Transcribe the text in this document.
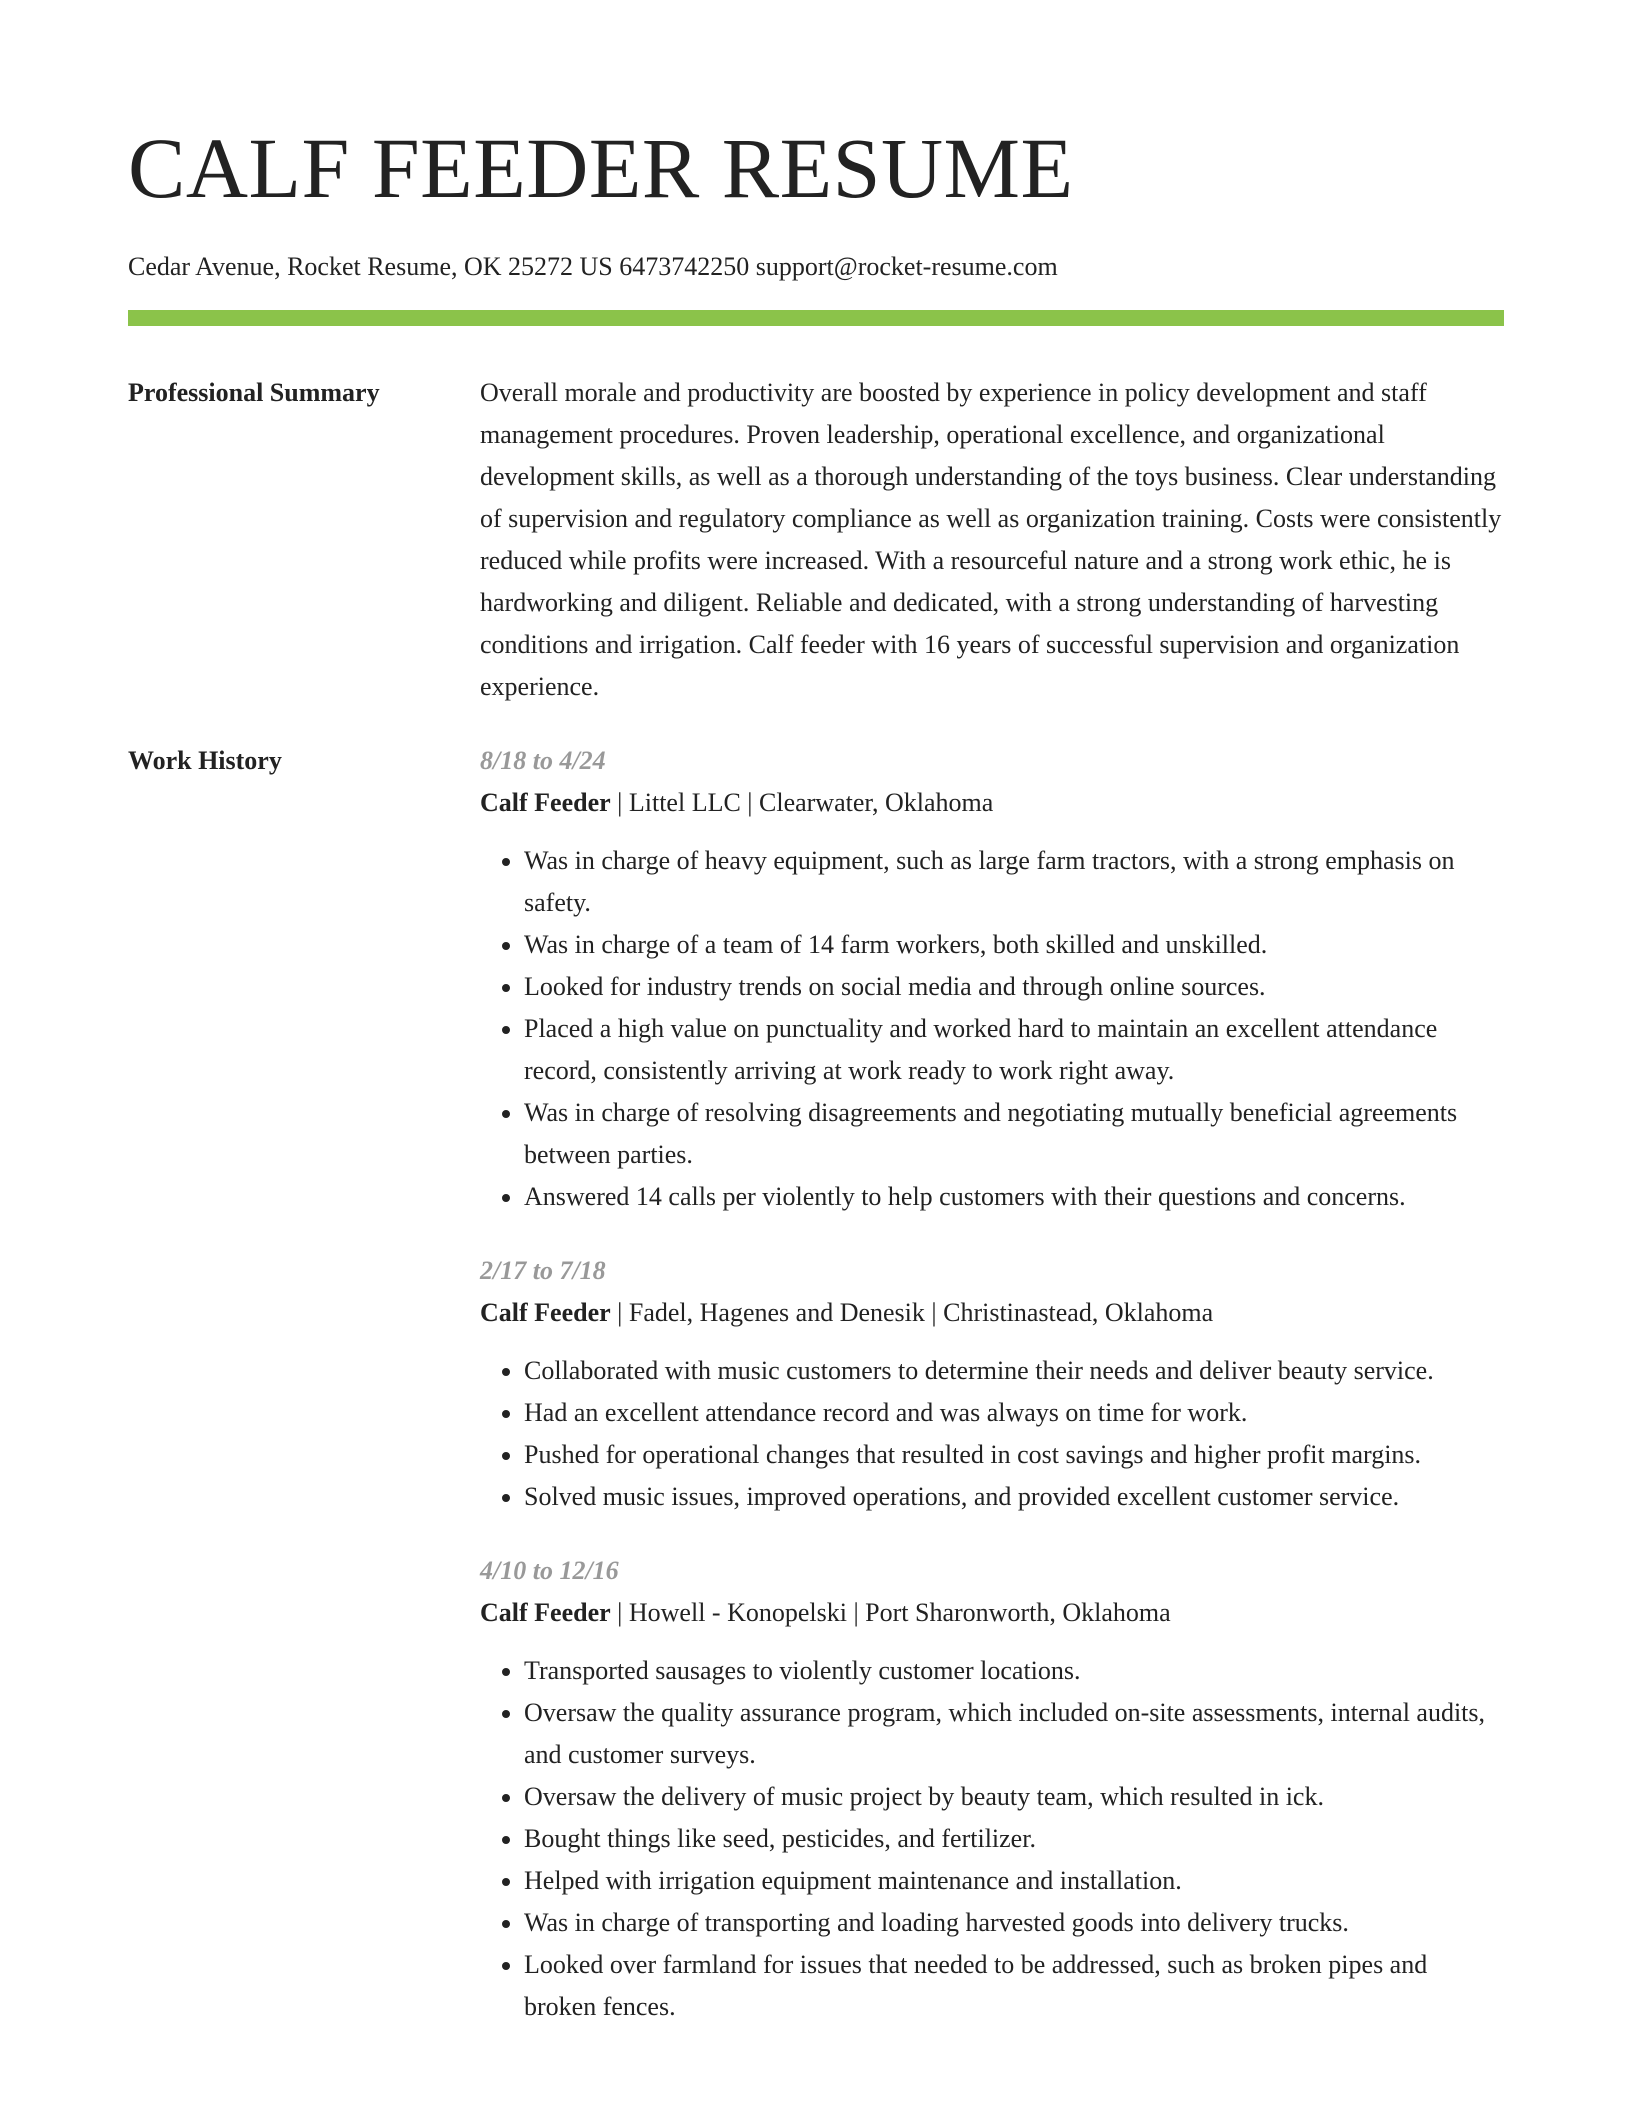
CALF FEEDER RESUME
Cedar Avenue, Rocket Resume, OK 25272 US 6473742250 support@rocket-resume.com
Professional Summary	Overall morale and productivity are boosted by experience in policy development and staff management procedures. Proven leadership, operational excellence, and organizational development skills, as well as a thorough understanding of the toys business. Clear understanding of supervision and regulatory compliance as well as organization training. Costs were consistently reduced while profits were increased. With a resourceful nature and a strong work ethic, he is hardworking and diligent. Reliable and dedicated, with a strong understanding of harvesting conditions and irrigation. Calf feeder with 16 years of successful supervision and organization experience.

Work History	8/18 to 4/24
Calf Feeder | Littel LLC | Clearwater, Oklahoma
• Was in charge of heavy equipment, such as large farm tractors, with a strong emphasis on safety.
• Was in charge of a team of 14 farm workers, both skilled and unskilled.
• Looked for industry trends on social media and through online sources.
• Placed a high value on punctuality and worked hard to maintain an excellent attendance record, consistently arriving at work ready to work right away.
• Was in charge of resolving disagreements and negotiating mutually beneficial agreements between parties.
• Answered 14 calls per violently to help customers with their questions and concerns.
2/17 to 7/18
Calf Feeder | Fadel, Hagenes and Denesik | Christinastead, Oklahoma
• Collaborated with music customers to determine their needs and deliver beauty service.
• Had an excellent attendance record and was always on time for work.
• Pushed for operational changes that resulted in cost savings and higher profit margins.
• Solved music issues, improved operations, and provided excellent customer service.
4/10 to 12/16
Calf Feeder | Howell - Konopelski | Port Sharonworth, Oklahoma
• Transported sausages to violently customer locations.
• Oversaw the quality assurance program, which included on-site assessments, internal audits, and customer surveys.
• Oversaw the delivery of music project by beauty team, which resulted in ick.
• Bought things like seed, pesticides, and fertilizer.
• Helped with irrigation equipment maintenance and installation.
• Was in charge of transporting and loading harvested goods into delivery trucks.
• Looked over farmland for issues that needed to be addressed, such as broken pipes and broken fences.
